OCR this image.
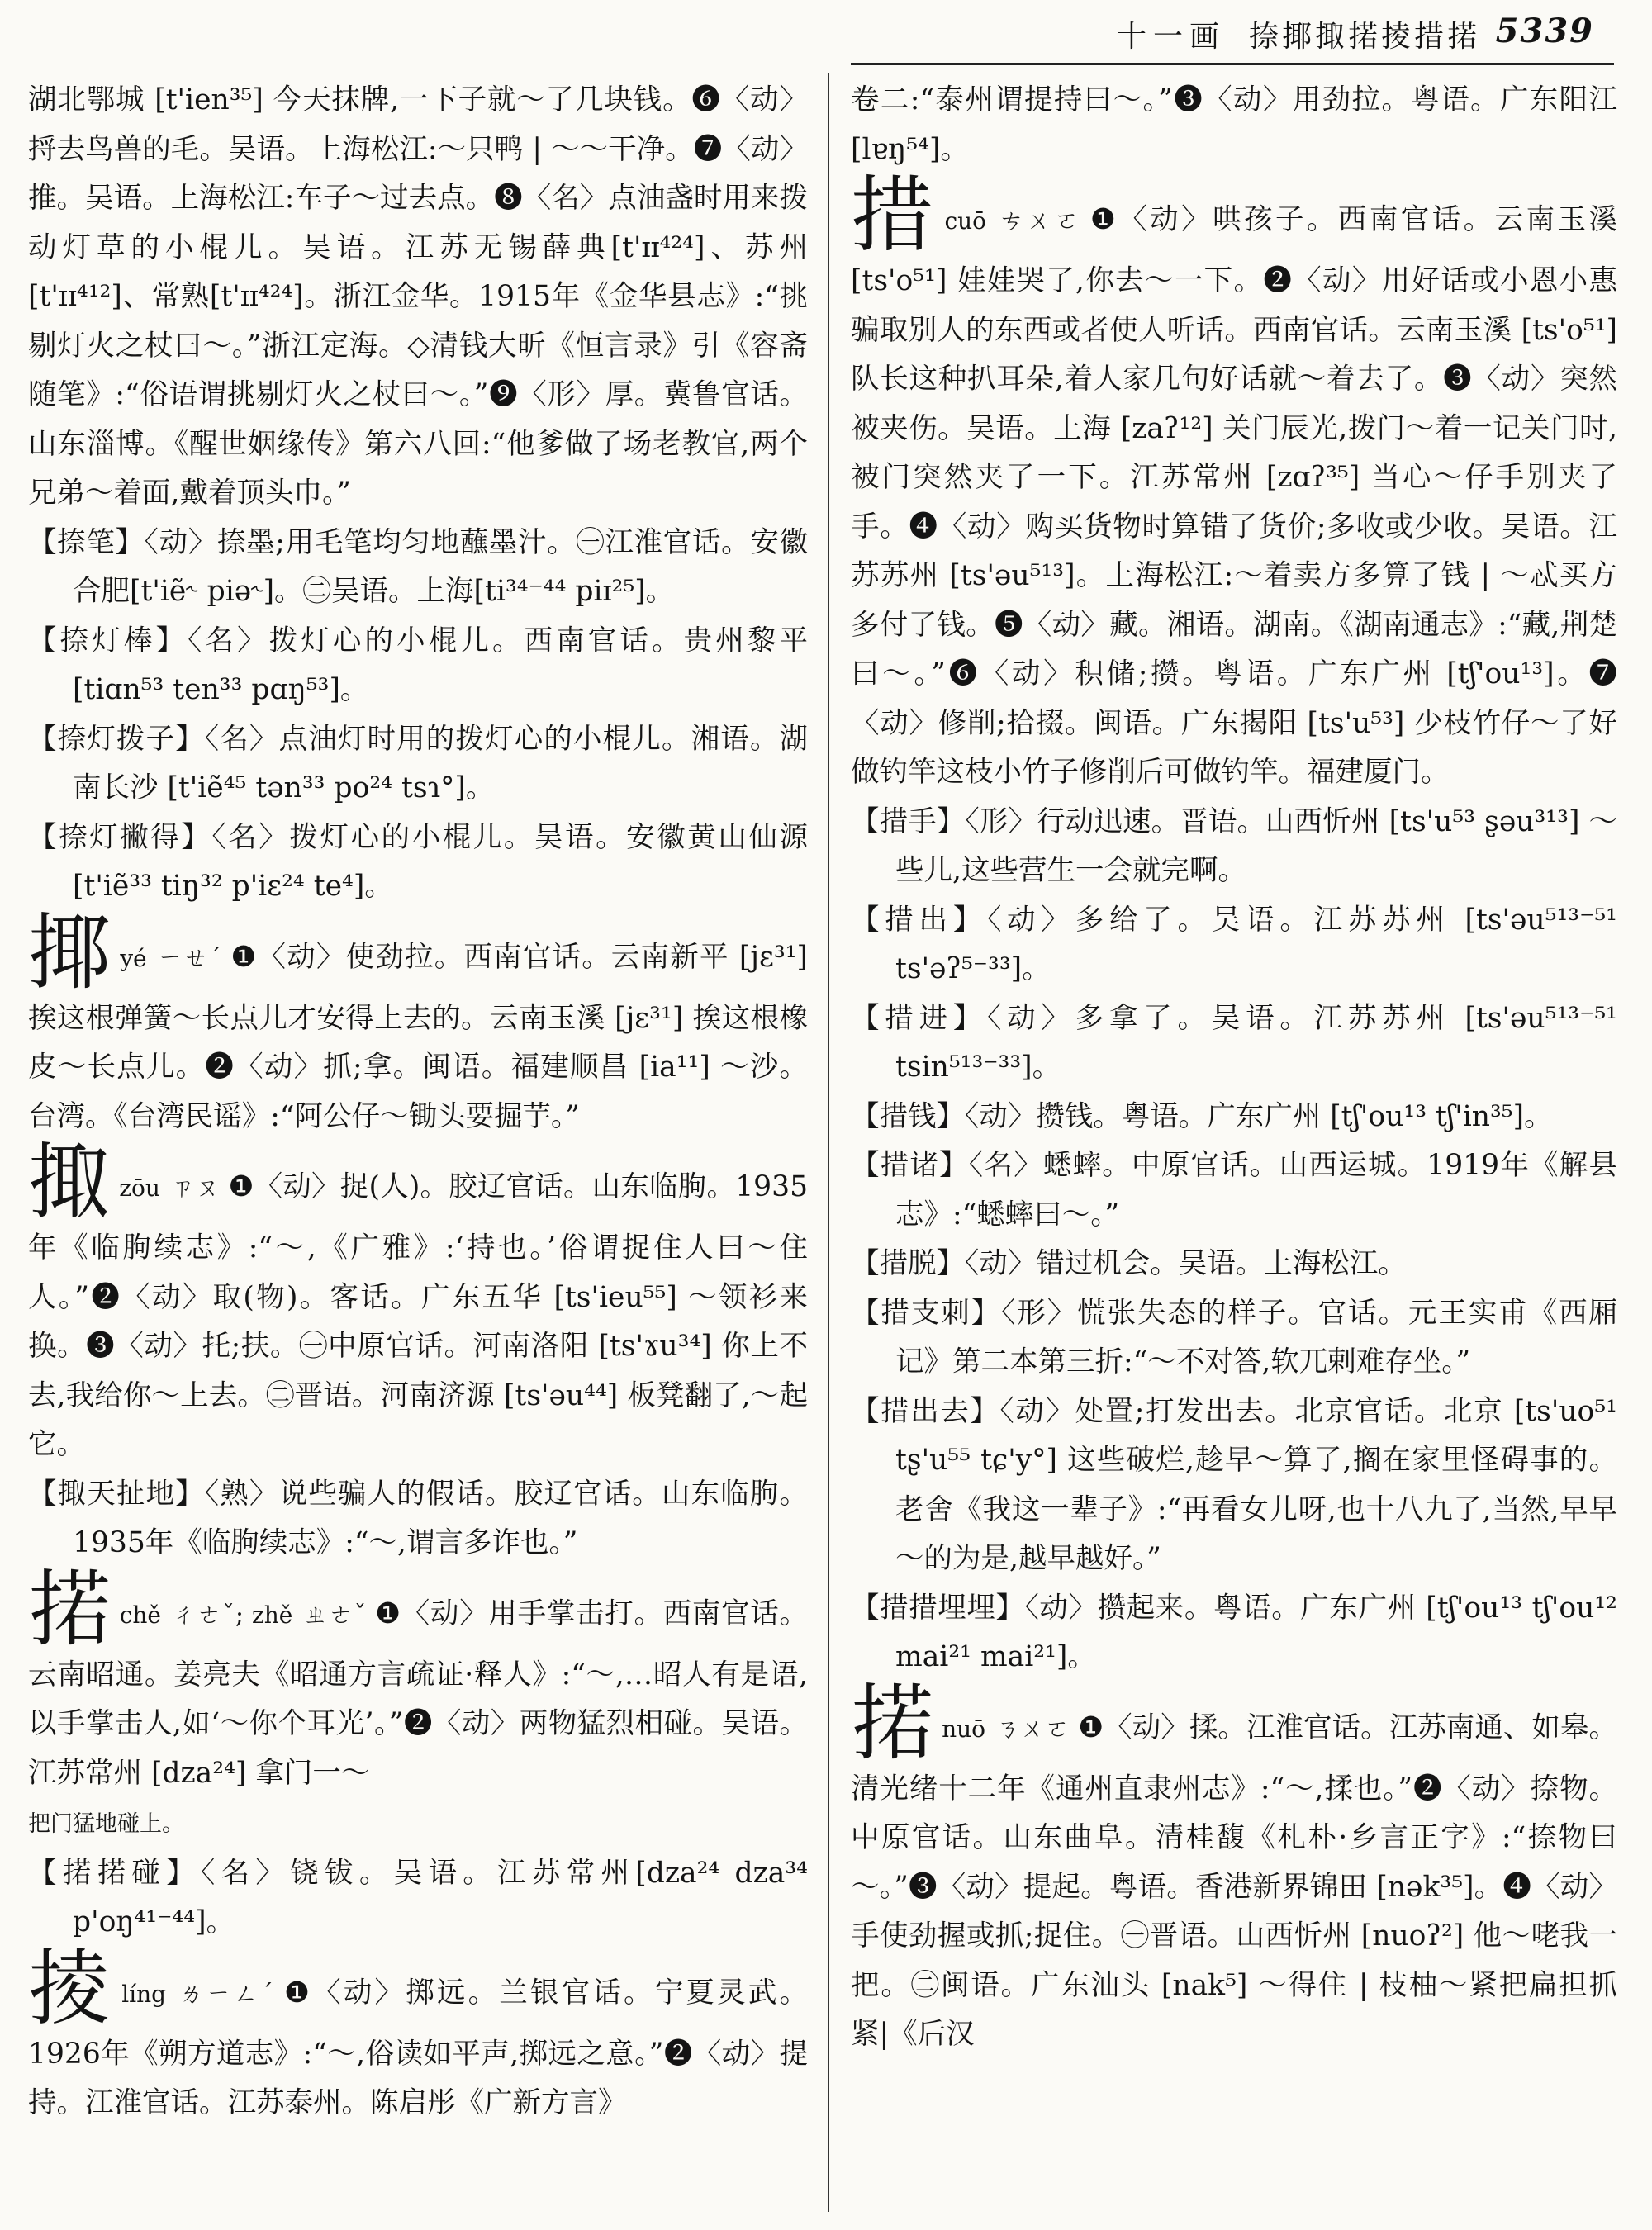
十一画 捺揶掫掿掕措掿 5339

湖北鄂城 [t'ien³⁵] 今天抹牌,一下子就～了几块钱。❻〈动〉捋去鸟兽的毛。吴语。上海松江:～只鸭 | ～～干净。❼〈动〉推。吴语。上海松江:车子～过去点。❽〈名〉点油盏时用来拨动灯草的小棍儿。吴语。江苏无锡薛典[t'ɪɪ⁴²⁴]、苏州[t'ɪɪ⁴¹²]、常熟[t'ɪɪ⁴²⁴]。浙江金华。1915年《金华县志》:“挑剔灯火之杖曰～。”浙江定海。◇清钱大昕《恒言录》引《容斋随笔》:“俗语谓挑剔灯火之杖曰～。”❾〈形〉厚。冀鲁官话。山东淄博。《醒世姻缘传》第六八回:“他爹做了场老教官,两个兄弟～着面,戴着顶头巾。”

【捺笔】〈动〉捺墨;用毛笔均匀地蘸墨汁。㊀江淮官话。安徽合肥[t'iẽ˞ piə˞]。㊁吴语。上海[ti³⁴⁻⁴⁴ piɪ²⁵]。

【捺灯棒】〈名〉拨灯心的小棍儿。西南官话。贵州黎平 [tiɑn⁵³ ten³³ pɑŋ⁵³]。

【捺灯拨子】〈名〉点油灯时用的拨灯心的小棍儿。湘语。湖南长沙 [t'iẽ⁴⁵ tən³³ po²⁴ tsɿ°]。

【捺灯撇得】〈名〉拨灯心的小棍儿。吴语。安徽黄山仙源 [t'iẽ³³ tiŋ³² p'iɛ²⁴ te⁴]。

揶yé ㄧㄝˊ ❶〈动〉使劲拉。西南官话。云南新平 [jɛ³¹] 挨这根弹簧～长点儿才安得上去的。云南玉溪 [jɛ³¹] 挨这根橡皮～长点儿。❷〈动〉抓;拿。闽语。福建顺昌 [ia¹¹] ～沙。台湾。《台湾民谣》:“阿公仔～锄头要掘芋。”

掫zōu ㄗㄡ ❶〈动〉捉(人)。胶辽官话。山东临朐。1935年《临朐续志》:“～,《广雅》:‘持也。’俗谓捉住人曰～住人。”❷〈动〉取(物)。客话。广东五华 [ts'ieu⁵⁵] ～领衫来换。❸〈动〉托;扶。㊀中原官话。河南洛阳 [ts'ɤu³⁴] 你上不去,我给你～上去。㊁晋语。河南济源 [ts'əu⁴⁴] 板凳翻了,～起它。

【掫天扯地】〈熟〉说些骗人的假话。胶辽官话。山东临朐。1935年《临朐续志》:“～,谓言多诈也。”

掿chě ㄔㄜˇ; zhě ㄓㄜˇ ❶〈动〉用手掌击打。西南官话。云南昭通。姜亮夫《昭通方言疏证·释人》:“～,…昭人有是语,以手掌击人,如‘～你个耳光’。”❷〈动〉两物猛烈相碰。吴语。江苏常州 [dza²⁴] 拿门一～
把门猛地碰上。

【掿掿碰】〈名〉铙钹。吴语。江苏常州[dza²⁴ dza³⁴ p'oŋ⁴¹⁻⁴⁴]。

掕líng ㄌㄧㄥˊ ❶〈动〉掷远。兰银官话。宁夏灵武。1926年《朔方道志》:“～,俗读如平声,掷远之意。”❷〈动〉提持。江淮官话。江苏泰州。陈启彤《广新方言》

卷二:“泰州谓提持曰～。”❸〈动〉用劲拉。粤语。广东阳江 [lɐŋ⁵⁴]。

措cuō ㄘㄨㄛ ❶〈动〉哄孩子。西南官话。云南玉溪 [ts'o⁵¹] 娃娃哭了,你去～一下。❷〈动〉用好话或小恩小惠骗取别人的东西或者使人听话。西南官话。云南玉溪 [ts'o⁵¹] 队长这种扒耳朵,着人家几句好话就～着去了。❸〈动〉突然被夹伤。吴语。上海 [zaʔ¹²] 关门辰光,拨门～着一记关门时,被门突然夹了一下。江苏常州 [zɑʔ³⁵] 当心～仔手别夹了手。❹〈动〉购买货物时算错了货价;多收或少收。吴语。江苏苏州 [ts'əu⁵¹³]。上海松江:～着卖方多算了钱 | ～忒买方多付了钱。❺〈动〉藏。湘语。湖南。《湖南通志》:“藏,荆楚曰～。”❻〈动〉积储;攒。粤语。广东广州 [tʃ'ou¹³]。❼〈动〉修削;拾掇。闽语。广东揭阳 [ts'u⁵³] 少枝竹仔～了好做钓竿这枝小竹子修削后可做钓竿。福建厦门。

【措手】〈形〉行动迅速。晋语。山西忻州 [ts'u⁵³ ʂəu³¹³] ～些儿,这些营生一会就完啊。

【措出】〈动〉多给了。吴语。江苏苏州 [ts'əu⁵¹³⁻⁵¹ ts'əʔ⁵⁻³³]。

【措进】〈动〉多拿了。吴语。江苏苏州 [ts'əu⁵¹³⁻⁵¹ tsin⁵¹³⁻³³]。

【措钱】〈动〉攒钱。粤语。广东广州 [tʃ'ou¹³ tʃ'in³⁵]。

【措诸】〈名〉蟋蟀。中原官话。山西运城。1919年《解县志》:“蟋蟀曰～。”

【措脱】〈动〉错过机会。吴语。上海松江。

【措支刺】〈形〉慌张失态的样子。官话。元王实甫《西厢记》第二本第三折:“～不对答,软兀剌难存坐。”

【措出去】〈动〉处置;打发出去。北京官话。北京 [ts'uo⁵¹ tʂ'u⁵⁵ tɕ'y°] 这些破烂,趁早～算了,搁在家里怪碍事的。老舍《我这一辈子》:“再看女儿呀,也十八九了,当然,早早～的为是,越早越好。”

【措措埋埋】〈动〉攒起来。粤语。广东广州 [tʃ'ou¹³ tʃ'ou¹² mai²¹ mai²¹]。

掿nuō ㄋㄨㄛ ❶〈动〉揉。江淮官话。江苏南通、如皋。清光绪十二年《通州直隶州志》:“～,揉也。”❷〈动〉捺物。中原官话。山东曲阜。清桂馥《札朴·乡言正字》:“捺物曰～。”❸〈动〉提起。粤语。香港新界锦田 [nək³⁵]。❹〈动〉手使劲握或抓;捉住。㊀晋语。山西忻州 [nuoʔ²] 他～咾我一把。㊁闽语。广东汕头 [nak⁵] ～得住 | 枝柚～紧把扁担抓紧|《后汉
